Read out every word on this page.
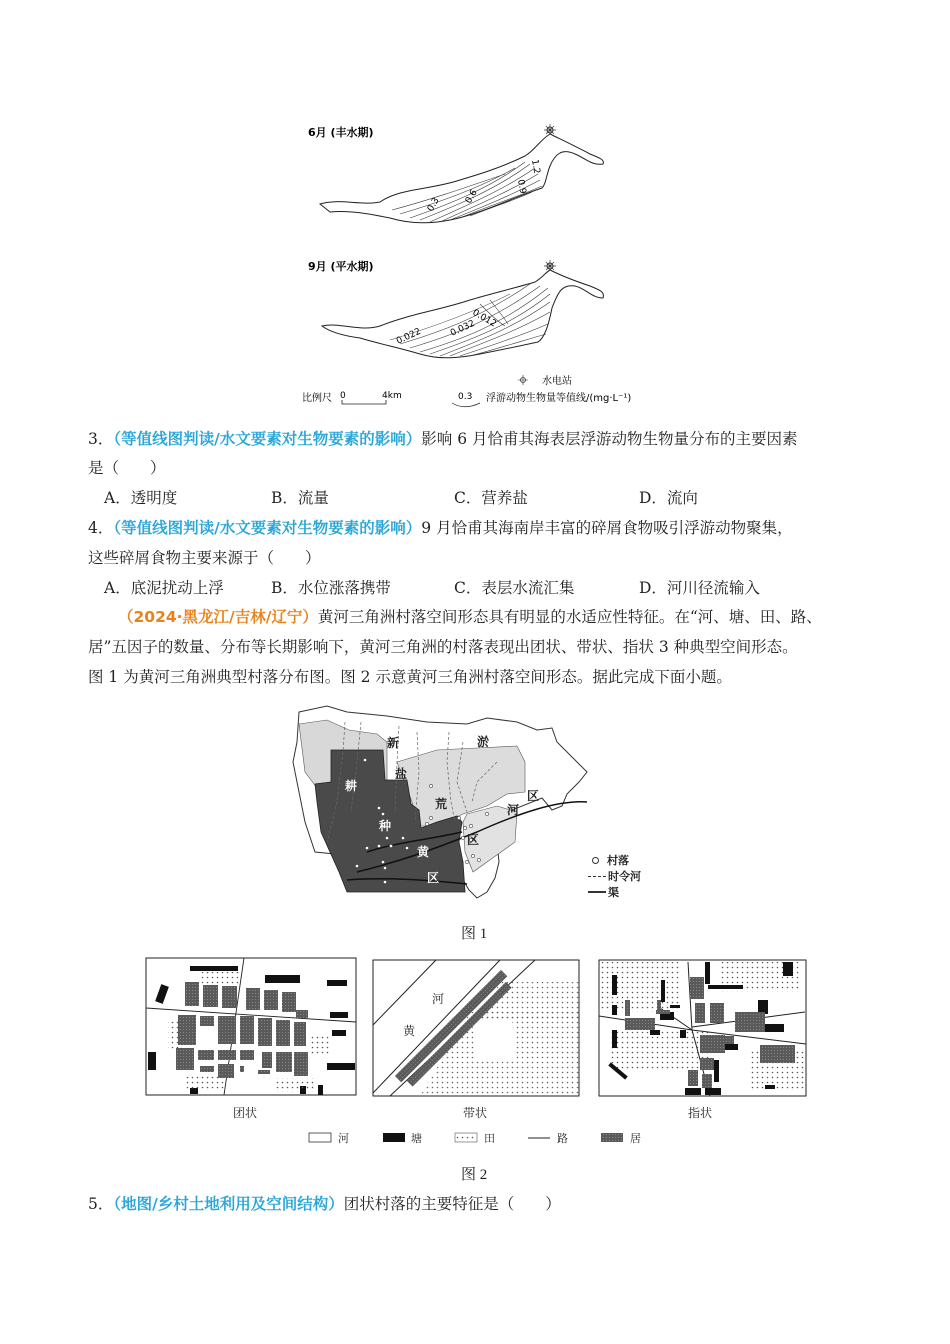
6月 (丰水期)
0.3 0.6
0.9
1.2
9月 (平水期)
0.022	0.032
0.012
水电站
比例尺 0	4km	0.3 浮游动物生物量等值线/(mg·L⁻¹)
3．（等值线图判读/水文要素对生物要素的影响）影响 6 月恰甫其海表层浮游动物生物量分布的主要因素
是（　　）
A．透明度	B．流量	C．营养盐	D．流向
4．（等值线图判读/水文要素对生物要素的影响）9 月恰甫其海南岸丰富的碎屑食物吸引浮游动物聚集，
这些碎屑食物主要来源于（　　）
A．底泥扰动上浮	B．水位涨落携带	C．表层水流汇集	D．河川径流输入
（2024·黑龙江/吉林/辽宁）黄河三角洲村落空间形态具有明显的水适应性特征。在“河、塘、田、路、
居”五因子的数量、分布等长期影响下，黄河三角洲的村落表现出团状、带状、指状 3 种典型空间形态。
图 1 为黄河三角洲典型村落分布图。图 2 示意黄河三角洲村落空间形态。据此完成下面小题。
新	淤
盐
荒
区
河
耕
种
区
黄
区
村落
时令河
渠
图 1
黄
河
团状	带状	指状
河	塘	田	路	居
图 2
5．（地图/乡村土地利用及空间结构）团状村落的主要特征是（　　）
